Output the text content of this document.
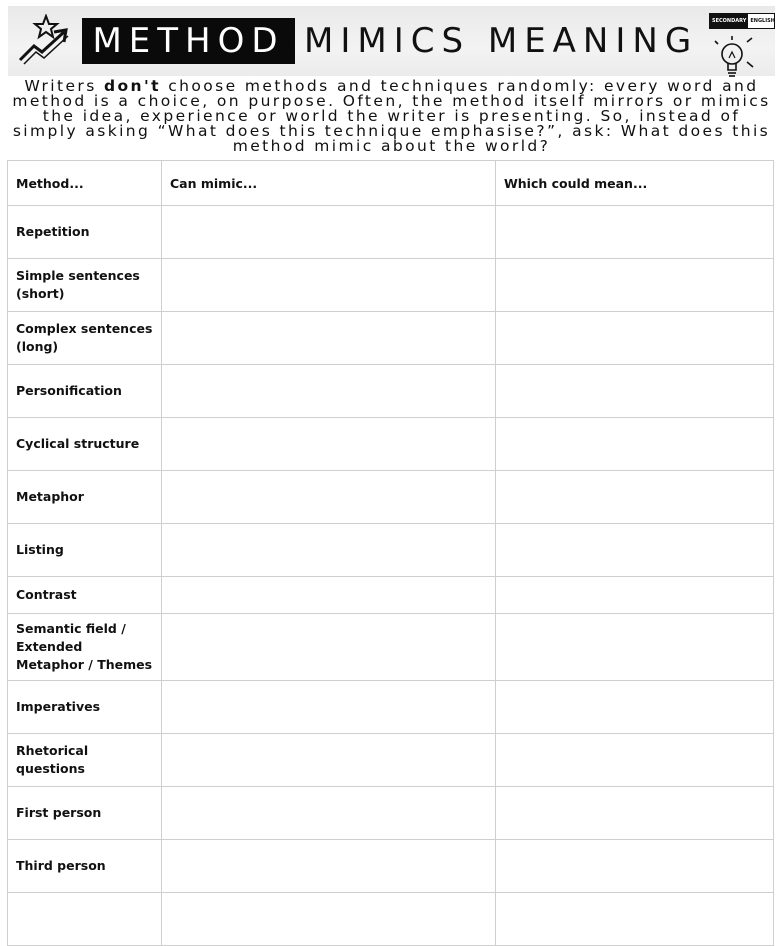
METHOD MIMICS MEANING	SECONDARY ENGLISH
Writers don't choose methods and techniques randomly: every word and method is a choice, on purpose. Often, the method itself mirrors or mimics the idea, experience or world the writer is presenting. So, instead of simply asking “What does this technique emphasise?”, ask: What does this method mimic about the world?
Method...	Can mimic...	Which could mean...
Repetition		
Simple sentences (short)		
Complex sentences (long)		
Personification		
Cyclical structure		
Metaphor		
Listing		
Contrast		
Semantic field / Extended Metaphor / Themes		
Imperatives		
Rhetorical questions		
First person		
Third person		
